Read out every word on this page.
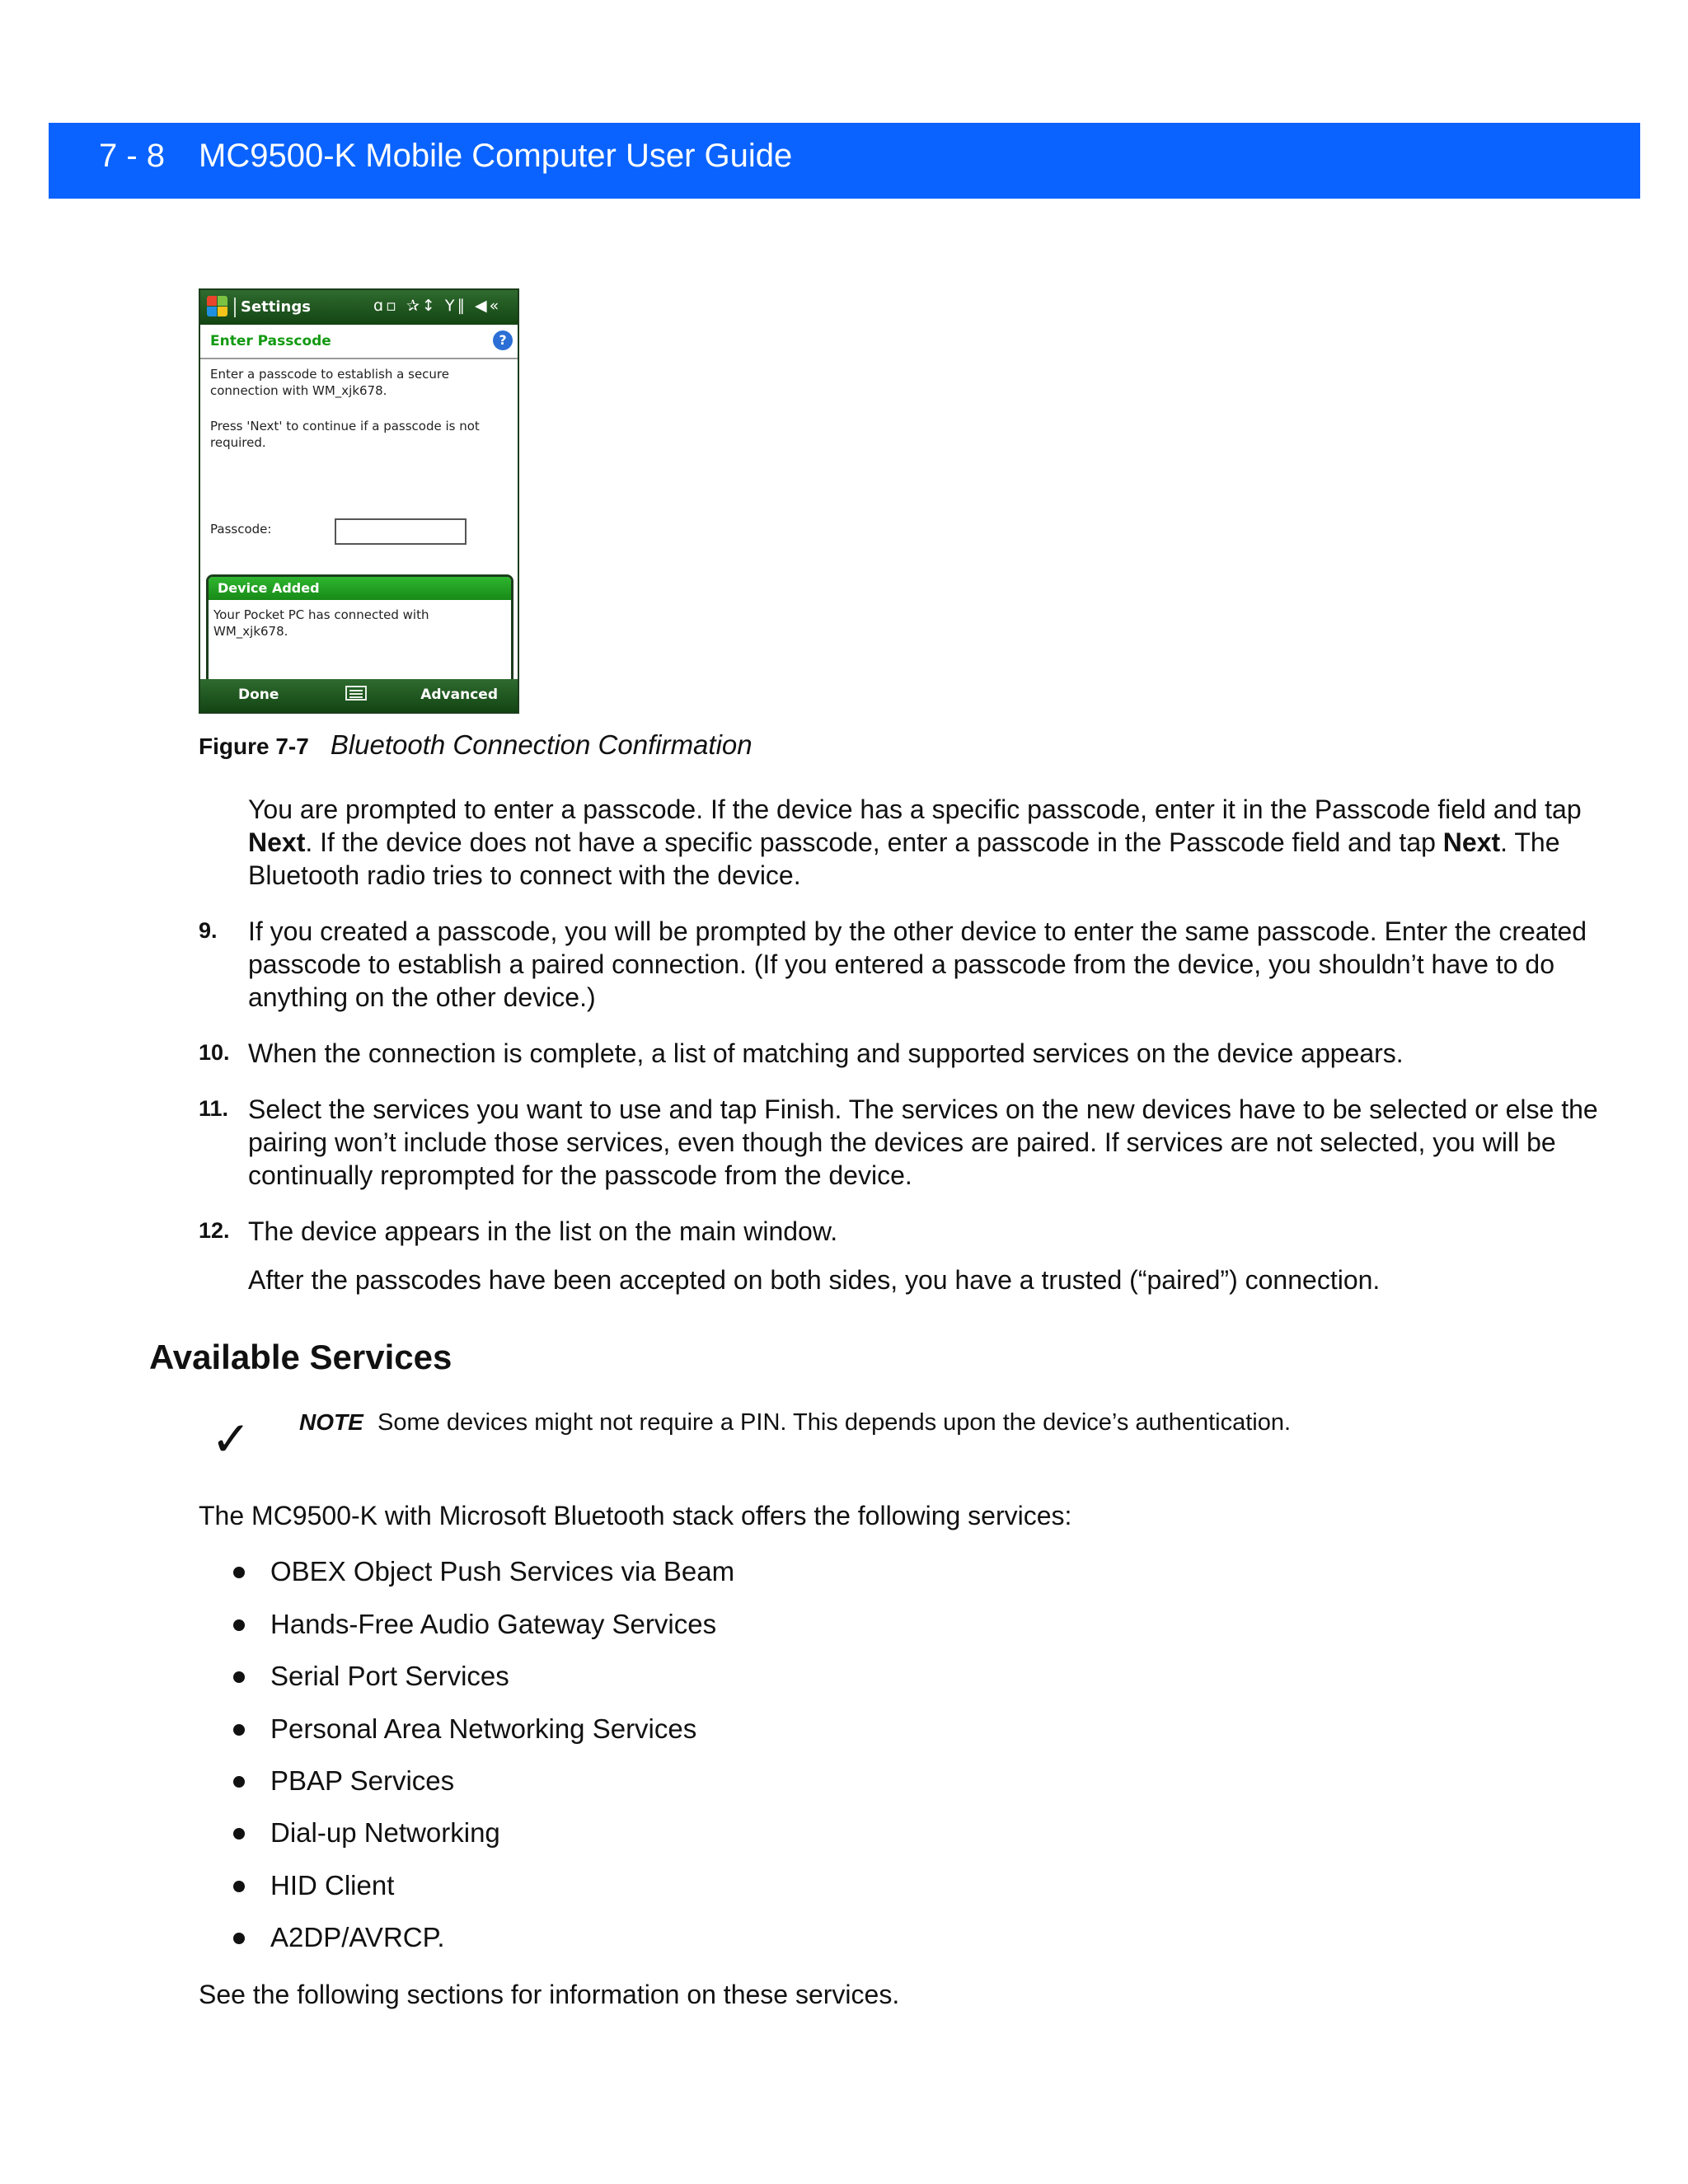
7 - 8 MC9500-K Mobile Computer User Guide
Settings	ɑ▫ ✰↕ Υ∥ ◀«
Enter Passcode	?
Enter a passcode to establish a secure connection with WM_xjk678.
Press 'Next' to continue if a passcode is not required.
Passcode:
Device Added
Your Pocket PC has connected with WM_xjk678.
Done	Advanced
Figure 7-7 Bluetooth Connection Confirmation
You are prompted to enter a passcode. If the device has a specific passcode, enter it in the Passcode field and tap Next. If the device does not have a specific passcode, enter a passcode in the Passcode field and tap Next. The Bluetooth radio tries to connect with the device.
9. If you created a passcode, you will be prompted by the other device to enter the same passcode. Enter the created passcode to establish a paired connection. (If you entered a passcode from the device, you shouldn’t have to do anything on the other device.)
10. When the connection is complete, a list of matching and supported services on the device appears.
11. Select the services you want to use and tap Finish. The services on the new devices have to be selected or else the pairing won’t include those services, even though the devices are paired. If services are not selected, you will be continually reprompted for the passcode from the device.
12. The device appears in the list on the main window.
After the passcodes have been accepted on both sides, you have a trusted (“paired”) connection.
Available Services
✓ NOTE Some devices might not require a PIN. This depends upon the device’s authentication.
The MC9500-K with Microsoft Bluetooth stack offers the following services:
OBEX Object Push Services via Beam
Hands-Free Audio Gateway Services
Serial Port Services
Personal Area Networking Services
PBAP Services
Dial-up Networking
HID Client
A2DP/AVRCP.
See the following sections for information on these services.
